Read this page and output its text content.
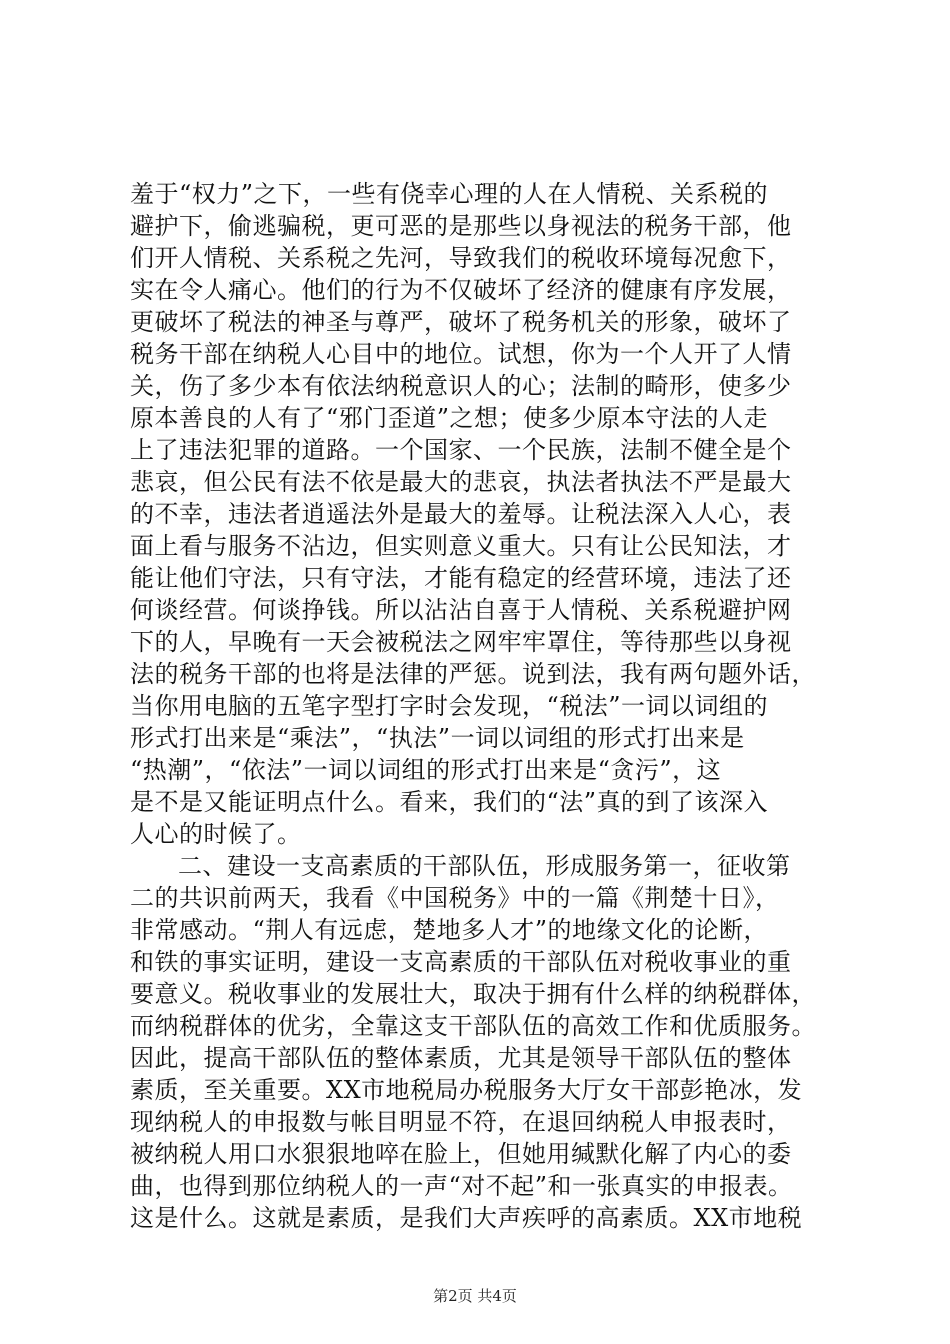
羞于“权力”之下，一些有侥幸心理的人在人情税、关系税的
避护下，偷逃骗税，更可恶的是那些以身视法的税务干部，他
们开人情税、关系税之先河，导致我们的税收环境每况愈下，
实在令人痛心。他们的行为不仅破坏了经济的健康有序发展，
更破坏了税法的神圣与尊严，破坏了税务机关的形象，破坏了
税务干部在纳税人心目中的地位。试想，你为一个人开了人情
关，伤了多少本有依法纳税意识人的心；法制的畸形，使多少
原本善良的人有了“邪门歪道”之想；使多少原本守法的人走
上了违法犯罪的道路。一个国家、一个民族，法制不健全是个
悲哀，但公民有法不依是最大的悲哀，执法者执法不严是最大
的不幸，违法者逍遥法外是最大的羞辱。让税法深入人心，表
面上看与服务不沾边，但实则意义重大。只有让公民知法，才
能让他们守法，只有守法，才能有稳定的经营环境，违法了还
何谈经营。何谈挣钱。所以沾沾自喜于人情税、关系税避护网
下的人，早晚有一天会被税法之网牢牢罩住，等待那些以身视
法的税务干部的也将是法律的严惩。说到法，我有两句题外话，
当你用电脑的五笔字型打字时会发现，“税法”一词以词组的
形式打出来是“乘法”，“执法”一词以词组的形式打出来是
“热潮”，“依法”一词以词组的形式打出来是“贪污”，这
是不是又能证明点什么。看来，我们的“法”真的到了该深入
人心的时候了。
二、建设一支高素质的干部队伍，形成服务第一，征收第
二的共识前两天，我看《中国税务》中的一篇《荆楚十日》，
非常感动。“荆人有远虑，楚地多人才”的地缘文化的论断，
和铁的事实证明，建设一支高素质的干部队伍对税收事业的重
要意义。税收事业的发展壮大，取决于拥有什么样的纳税群体，
而纳税群体的优劣，全靠这支干部队伍的高效工作和优质服务。
因此，提高干部队伍的整体素质，尤其是领导干部队伍的整体
素质，至关重要。XX市地税局办税服务大厅女干部彭艳冰，发
现纳税人的申报数与帐目明显不符，在退回纳税人申报表时，
被纳税人用口水狠狠地啐在脸上，但她用缄默化解了内心的委
曲，也得到那位纳税人的一声“对不起”和一张真实的申报表。
这是什么。这就是素质，是我们大声疾呼的高素质。XX市地税
第2页 共4页
